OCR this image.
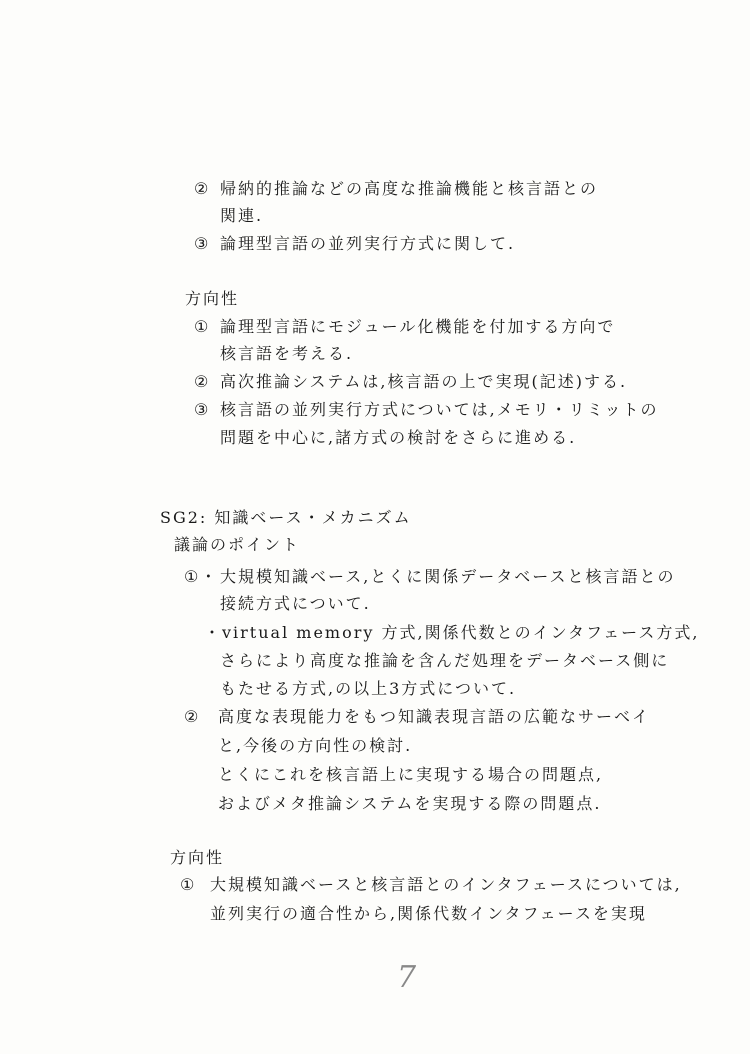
② 帰納的推論などの高度な推論機能と核言語との
関連.
③ 論理型言語の並列実行方式に関して.
方向性
① 論理型言語にモジュール化機能を付加する方向で
核言語を考える.
② 高次推論システムは,核言語の上で実現(記述)する.
③ 核言語の並列実行方式については,メモリ・リミットの
問題を中心に,諸方式の検討をさらに進める.
SG2: 知識ベース・メカニズム
議論のポイント
①・ 大規模知識ベース,とくに関係データベースと核言語との
接続方式について.
・virtual memory 方式,関係代数とのインタフェース方式,
さらにより高度な推論を含んだ処理をデータベース側に
もたせる方式,の以上3方式について.
② 高度な表現能力をもつ知識表現言語の広範なサーベイ
と,今後の方向性の検討.
とくにこれを核言語上に実現する場合の問題点,
およびメタ推論システムを実現する際の問題点.
方向性
① 大規模知識ベースと核言語とのインタフェースについては,
並列実行の適合性から,関係代数インタフェースを実現
7
